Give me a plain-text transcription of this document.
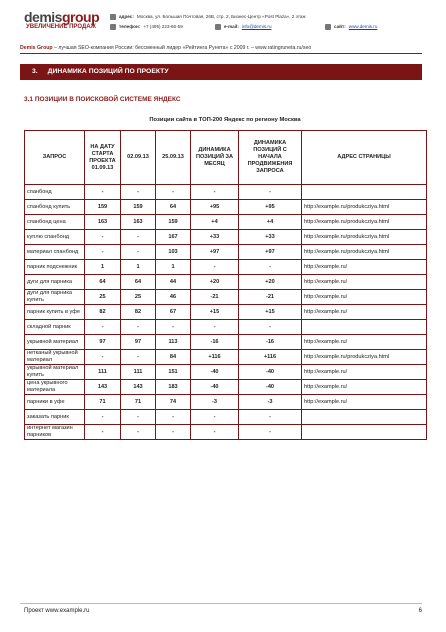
demisgroup
УВЕЛИЧЕНИЕ ПРОДАЖ
адрес: Москва, ул. Большая Почтовая, 26В, стр. 2, Бизнес-Центр «Post Plaza», 2 этаж
телефон: +7 (495) 223-66-59	e-mail: info@demis.ru	сайт: www.demis.ru
Demis Group – лучшая SEO-компания России: бессменный лидер «Рейтинга Рунета» с 2009 г. – www.ratingruneta.ru/seo
3. ДИНАМИКА ПОЗИЦИЙ ПО ПРОЕКТУ
3.1 ПОЗИЦИИ В ПОИСКОВОЙ СИСТЕМЕ ЯНДЕКС
Позиции сайта в ТОП-200 Яндекс по региону Москва
ЗАПРОС	НА ДАТУ СТАРТА ПРОЕКТА 01.09.13	02.09.13	25.09.13	ДИНАМИКА ПОЗИЦИЙ ЗА МЕСЯЦ	ДИНАМИКА ПОЗИЦИЙ С НАЧАЛА ПРОДВИЖЕНИЯ ЗАПРОСА	АДРЕС СТРАНИЦЫ
спанбонд	-	-	-	-	-	
спанбонд купить	159	159	64	+95	+95	http://example.ru/produkcziya.html
спанбонд цена	163	163	159	+4	+4	http://example.ru/produkcziya.html
куплю спанбонд	-	-	167	+33	+33	http://example.ru/produkcziya.html
материал спанбонд	-	-	103	+97	+97	http://example.ru/produkcziya.html
парник подснежник	1	1	1	-	-	http://example.ru/
дуги для парника	64	64	44	+20	+20	http://example.ru/
дуги для парника купить	25	25	46	-21	-21	http://example.ru/
парник купить в уфе	82	82	67	+15	+15	http://example.ru/
складной парник	-	-	-	-	-	
укрывной материал	97	97	113	-16	-16	http://example.ru/
нетканый укрывной материал	-	-	84	+116	+116	http://example.ru/produkcziya.html
укрывной материал купить	111	111	151	-40	-40	http://example.ru/
цена укрывного материала	143	143	183	-40	-40	http://example.ru/
парники в уфе	71	71	74	-3	-3	http://example.ru/
заказать парник	-	-	-	-	-	
интернет магазин парников	-	-	-	-	-	
Проект www.example.ru	6
